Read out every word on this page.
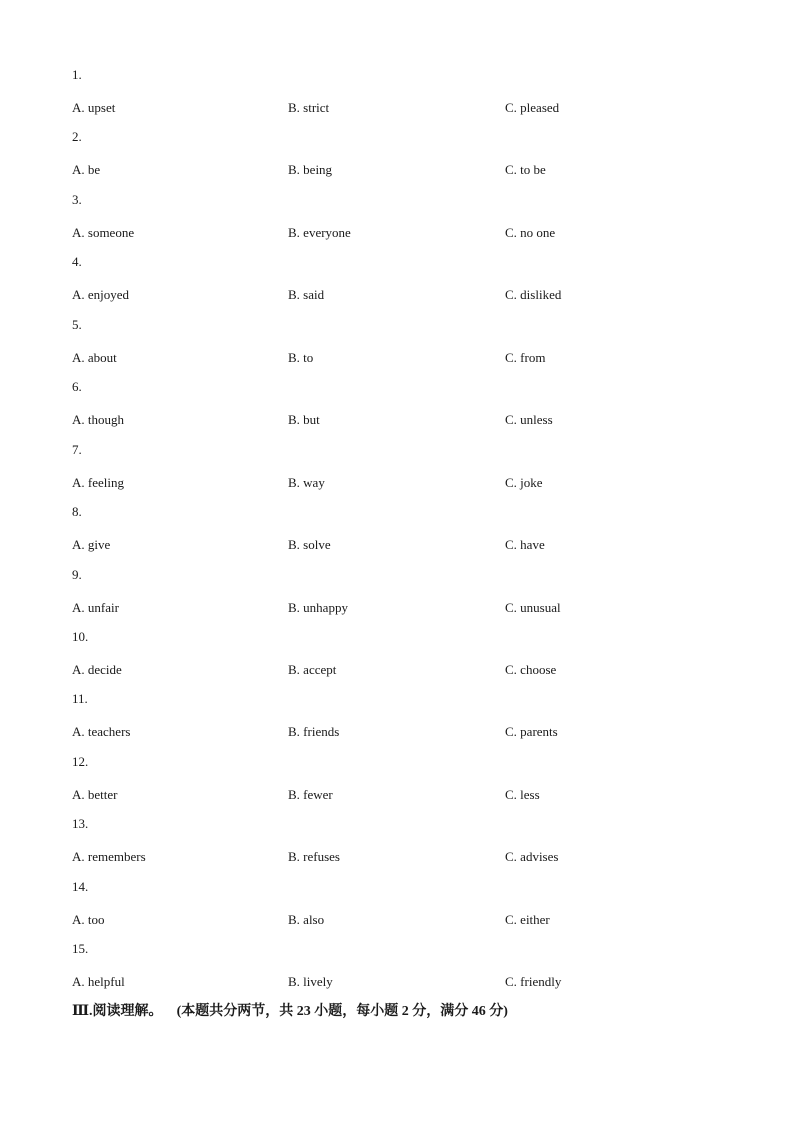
1.
A. upset	B. strict	C. pleased
2.
A. be	B. being	C. to be
3.
A. someone	B. everyone	C. no one
4.
A. enjoyed	B. said	C. disliked
5.
A. about	B. to	C. from
6.
A. though	B. but	C. unless
7.
A. feeling	B. way	C. joke
8.
A. give	B. solve	C. have
9.
A. unfair	B. unhappy	C. unusual
10.
A. decide	B. accept	C. choose
11.
A. teachers	B. friends	C. parents
12.
A. better	B. fewer	C. less
13.
A. remembers	B. refuses	C. advises
14.
A. too	B. also	C. either
15.
A. helpful	B. lively	C. friendly
Ⅲ.阅读理解。 (本题共分两节，共 23 小题，每小题 2 分，满分 46 分)
